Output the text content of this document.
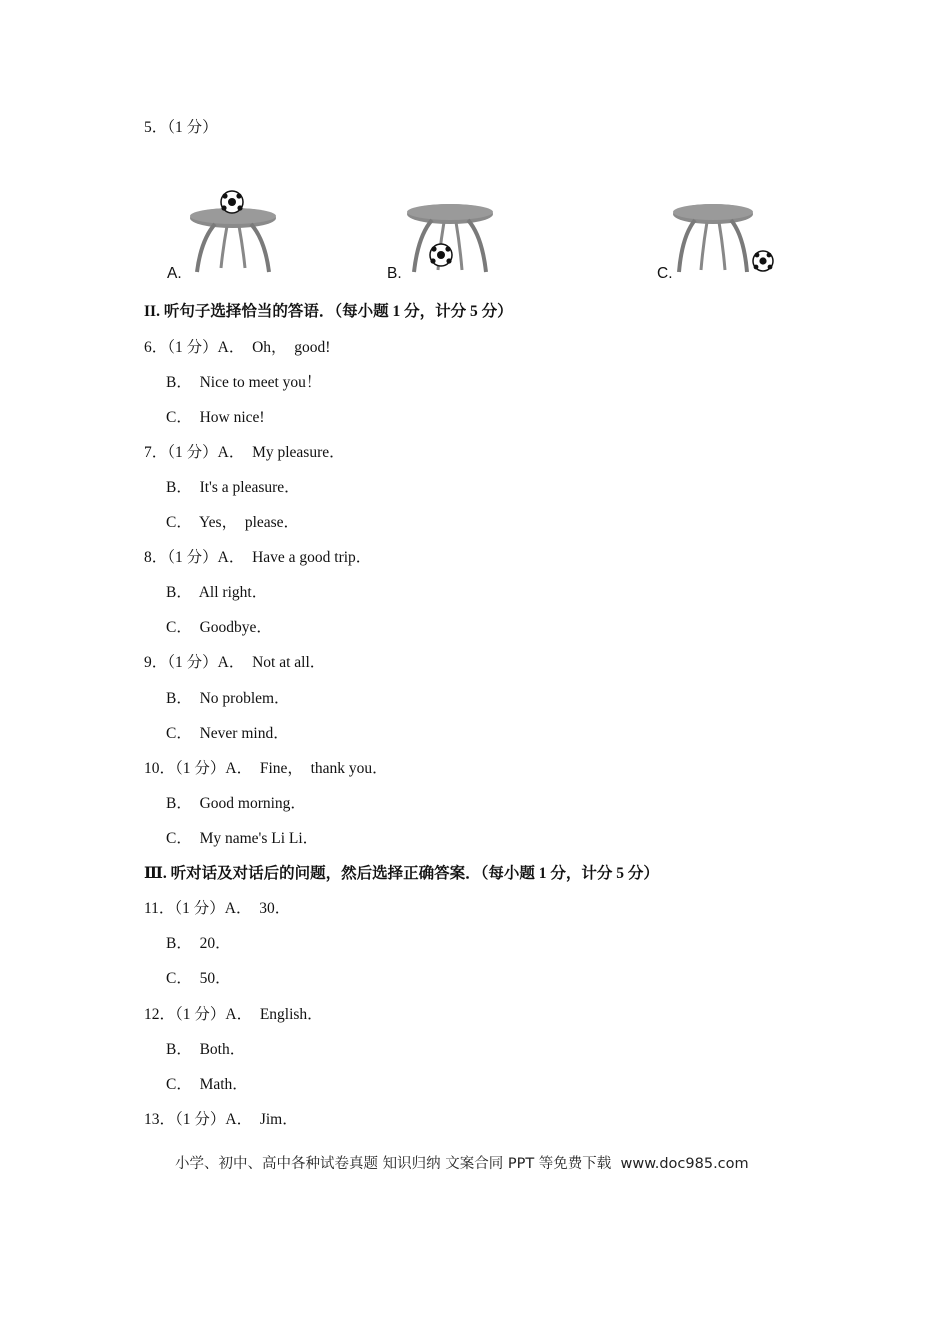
5．（1 分）
A.	B.	C.
II. 听句子选择恰当的答语．（每小题 1 分，计分 5 分）
6．（1 分）A．  Oh，  good!
B．  Nice to meet you！
C．  How nice!
7．（1 分）A．  My pleasure．
B．  It's a pleasure．
C．  Yes，  please．
8．（1 分）A．  Have a good trip．
B．  All right．
C．  Goodbye．
9．（1 分）A．  Not at all．
B．  No problem．
C．  Never mind．
10．（1 分）A．  Fine，  thank you．
B．  Good morning．
C．  My name's Li Li．
Ⅲ. 听对话及对话后的问题，然后选择正确答案．（每小题 1 分，计分 5 分）
11．（1 分）A．  30．
B．  20．
C．  50．
12．（1 分）A．  English．
B．  Both．
C．  Math．
13．（1 分）A．  Jim．
小学、初中、高中各种试卷真题 知识归纳 文案合同 PPT 等免费下载  www.doc985.com
